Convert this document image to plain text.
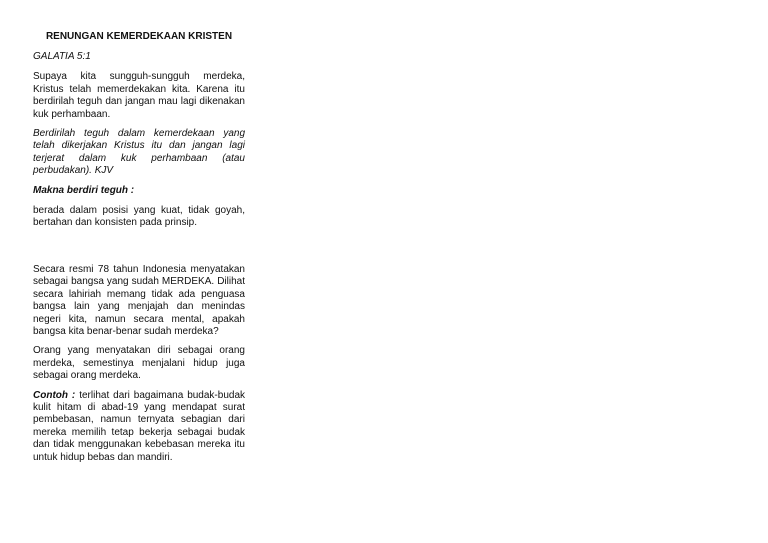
RENUNGAN KEMERDEKAAN KRISTEN
GALATIA 5:1
Supaya kita sungguh-sungguh merdeka, Kristus telah memerdekakan kita. Karena itu berdirilah teguh dan jangan mau lagi dikenakan kuk perhambaan.
Berdirilah teguh dalam kemerdekaan yang telah dikerjakan Kristus itu dan jangan lagi terjerat dalam kuk perhambaan (atau perbudakan). KJV
Makna berdiri teguh :
berada dalam posisi yang kuat, tidak goyah, bertahan dan konsisten pada prinsip.
Secara resmi 78 tahun Indonesia menyatakan sebagai bangsa yang sudah MERDEKA. Dilihat secara lahiriah memang tidak ada penguasa bangsa lain yang menjajah dan menindas negeri kita, namun secara mental, apakah bangsa kita benar-benar sudah merdeka?
Orang yang menyatakan diri sebagai orang merdeka, semestinya menjalani hidup juga sebagai orang merdeka.
Contoh : terlihat dari bagaimana budak-budak kulit hitam di abad-19 yang mendapat surat pembebasan, namun ternyata sebagian dari mereka memilih tetap bekerja sebagai budak dan tidak menggunakan kebebasan mereka itu untuk hidup bebas dan mandiri.
